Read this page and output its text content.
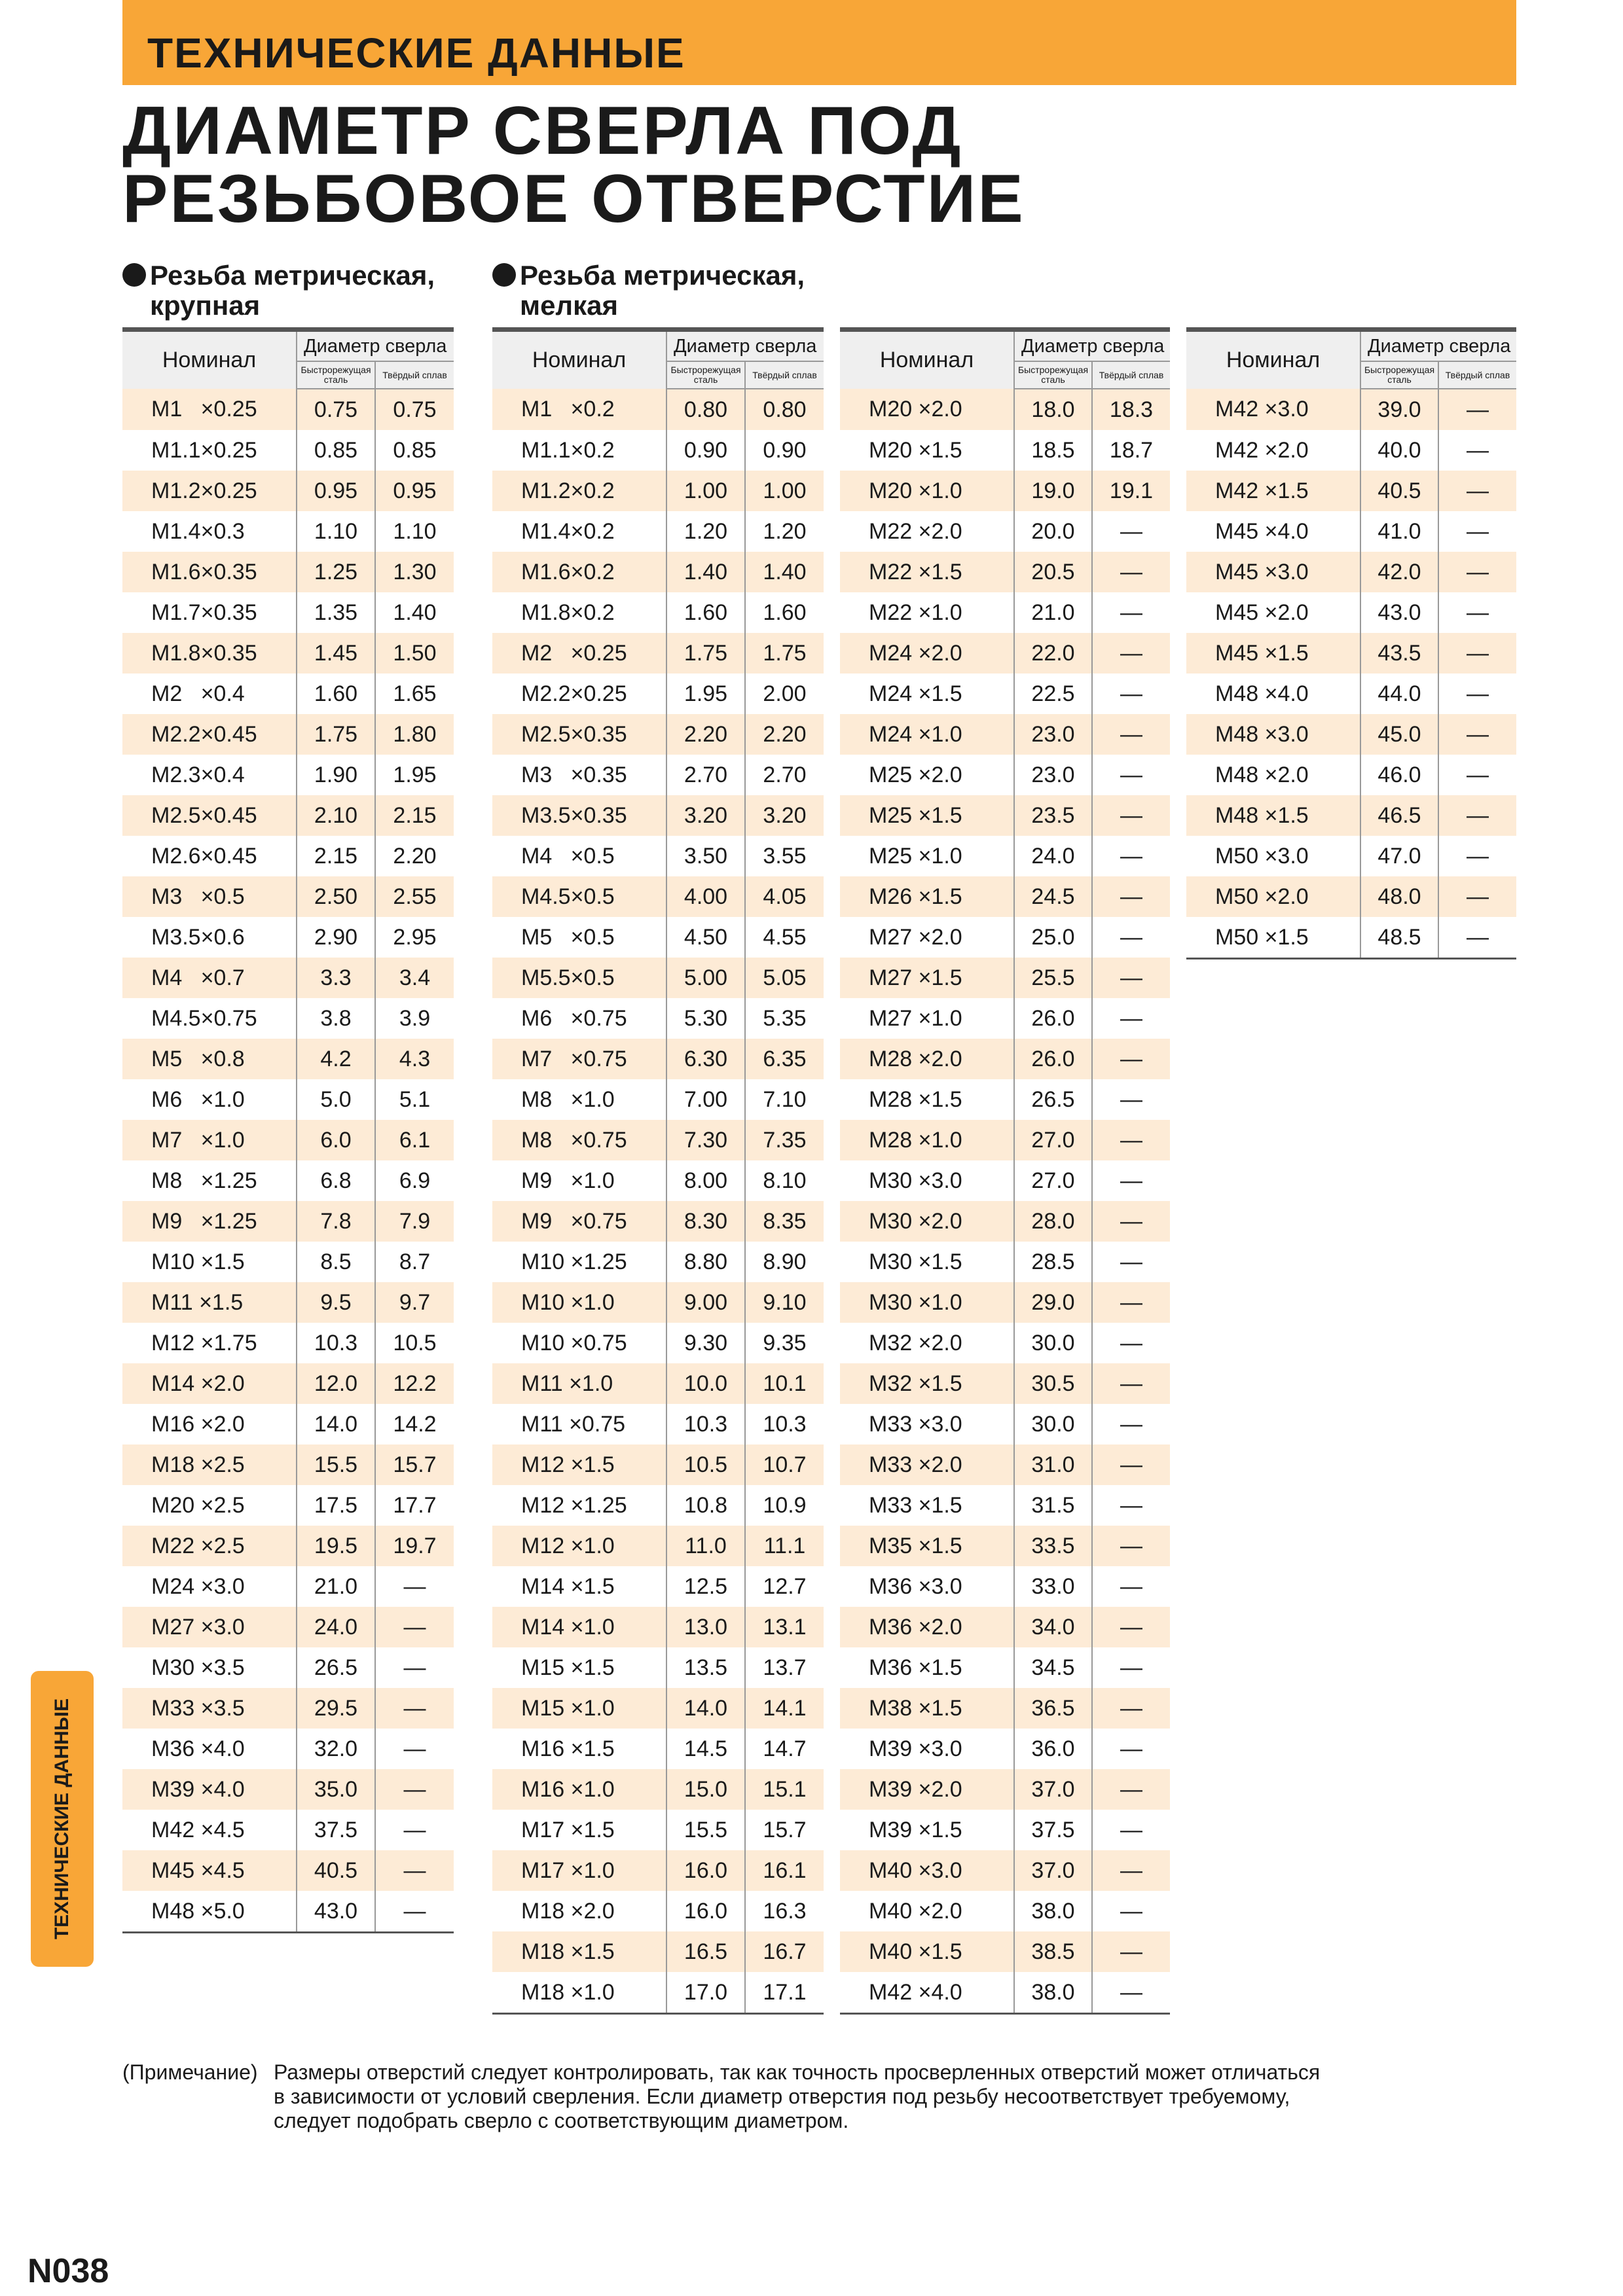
ТЕХНИЧЕСКИЕ ДАННЫЕ
ДИАМЕТР СВЕРЛА ПОД
РЕЗЬБОВОЕ ОТВЕРСТИЕ
Резьба метрическая,
крупная
Резьба метрическая,
мелкая
Номинал	Диаметр сверла	
	Быстрорежущая сталь	Твёрдый сплав
M1   ×0.25	0.75	0.75
M1.1×0.25	0.85	0.85
M1.2×0.25	0.95	0.95
M1.4×0.3	1.10	1.10
M1.6×0.35	1.25	1.30
M1.7×0.35	1.35	1.40
M1.8×0.35	1.45	1.50
M2   ×0.4	1.60	1.65
M2.2×0.45	1.75	1.80
M2.3×0.4	1.90	1.95
M2.5×0.45	2.10	2.15
M2.6×0.45	2.15	2.20
M3   ×0.5	2.50	2.55
M3.5×0.6	2.90	2.95
M4   ×0.7	3.3	3.4
M4.5×0.75	3.8	3.9
M5   ×0.8	4.2	4.3
M6   ×1.0	5.0	5.1
M7   ×1.0	6.0	6.1
M8   ×1.25	6.8	6.9
M9   ×1.25	7.8	7.9
M10 ×1.5	8.5	8.7
M11 ×1.5	9.5	9.7
M12 ×1.75	10.3	10.5
M14 ×2.0	12.0	12.2
M16 ×2.0	14.0	14.2
M18 ×2.5	15.5	15.7
M20 ×2.5	17.5	17.7
M22 ×2.5	19.5	19.7
M24 ×3.0	21.0	—
M27 ×3.0	24.0	—
M30 ×3.5	26.5	—
M33 ×3.5	29.5	—
M36 ×4.0	32.0	—
M39 ×4.0	35.0	—
M42 ×4.5	37.5	—
M45 ×4.5	40.5	—
M48 ×5.0	43.0	—
Номинал	Диаметр сверла	
	Быстрорежущая сталь	Твёрдый сплав
M1   ×0.2	0.80	0.80
M1.1×0.2	0.90	0.90
M1.2×0.2	1.00	1.00
M1.4×0.2	1.20	1.20
M1.6×0.2	1.40	1.40
M1.8×0.2	1.60	1.60
M2   ×0.25	1.75	1.75
M2.2×0.25	1.95	2.00
M2.5×0.35	2.20	2.20
M3   ×0.35	2.70	2.70
M3.5×0.35	3.20	3.20
M4   ×0.5	3.50	3.55
M4.5×0.5	4.00	4.05
M5   ×0.5	4.50	4.55
M5.5×0.5	5.00	5.05
M6   ×0.75	5.30	5.35
M7   ×0.75	6.30	6.35
M8   ×1.0	7.00	7.10
M8   ×0.75	7.30	7.35
M9   ×1.0	8.00	8.10
M9   ×0.75	8.30	8.35
M10 ×1.25	8.80	8.90
M10 ×1.0	9.00	9.10
M10 ×0.75	9.30	9.35
M11 ×1.0	10.0	10.1
M11 ×0.75	10.3	10.3
M12 ×1.5	10.5	10.7
M12 ×1.25	10.8	10.9
M12 ×1.0	11.0	11.1
M14 ×1.5	12.5	12.7
M14 ×1.0	13.0	13.1
M15 ×1.5	13.5	13.7
M15 ×1.0	14.0	14.1
M16 ×1.5	14.5	14.7
M16 ×1.0	15.0	15.1
M17 ×1.5	15.5	15.7
M17 ×1.0	16.0	16.1
M18 ×2.0	16.0	16.3
M18 ×1.5	16.5	16.7
M18 ×1.0	17.0	17.1
Номинал	Диаметр сверла	
	Быстрорежущая сталь	Твёрдый сплав
M20 ×2.0	18.0	18.3
M20 ×1.5	18.5	18.7
M20 ×1.0	19.0	19.1
M22 ×2.0	20.0	—
M22 ×1.5	20.5	—
M22 ×1.0	21.0	—
M24 ×2.0	22.0	—
M24 ×1.5	22.5	—
M24 ×1.0	23.0	—
M25 ×2.0	23.0	—
M25 ×1.5	23.5	—
M25 ×1.0	24.0	—
M26 ×1.5	24.5	—
M27 ×2.0	25.0	—
M27 ×1.5	25.5	—
M27 ×1.0	26.0	—
M28 ×2.0	26.0	—
M28 ×1.5	26.5	—
M28 ×1.0	27.0	—
M30 ×3.0	27.0	—
M30 ×2.0	28.0	—
M30 ×1.5	28.5	—
M30 ×1.0	29.0	—
M32 ×2.0	30.0	—
M32 ×1.5	30.5	—
M33 ×3.0	30.0	—
M33 ×2.0	31.0	—
M33 ×1.5	31.5	—
M35 ×1.5	33.5	—
M36 ×3.0	33.0	—
M36 ×2.0	34.0	—
M36 ×1.5	34.5	—
M38 ×1.5	36.5	—
M39 ×3.0	36.0	—
M39 ×2.0	37.0	—
M39 ×1.5	37.5	—
M40 ×3.0	37.0	—
M40 ×2.0	38.0	—
M40 ×1.5	38.5	—
M42 ×4.0	38.0	—
Номинал	Диаметр сверла	
	Быстрорежущая сталь	Твёрдый сплав
M42 ×3.0	39.0	—
M42 ×2.0	40.0	—
M42 ×1.5	40.5	—
M45 ×4.0	41.0	—
M45 ×3.0	42.0	—
M45 ×2.0	43.0	—
M45 ×1.5	43.5	—
M48 ×4.0	44.0	—
M48 ×3.0	45.0	—
M48 ×2.0	46.0	—
M48 ×1.5	46.5	—
M50 ×3.0	47.0	—
M50 ×2.0	48.0	—
M50 ×1.5	48.5	—
ТЕХНИЧЕСКИЕ ДАННЫЕ
(Примечание) Размеры отверстий следует контролировать, так как точность просверленных отверстий может отличаться
в зависимости от условий сверления. Если диаметр отверстия под резьбу несоответствует требуемому,
следует подобрать сверло с соответствующим диаметром.
N038
